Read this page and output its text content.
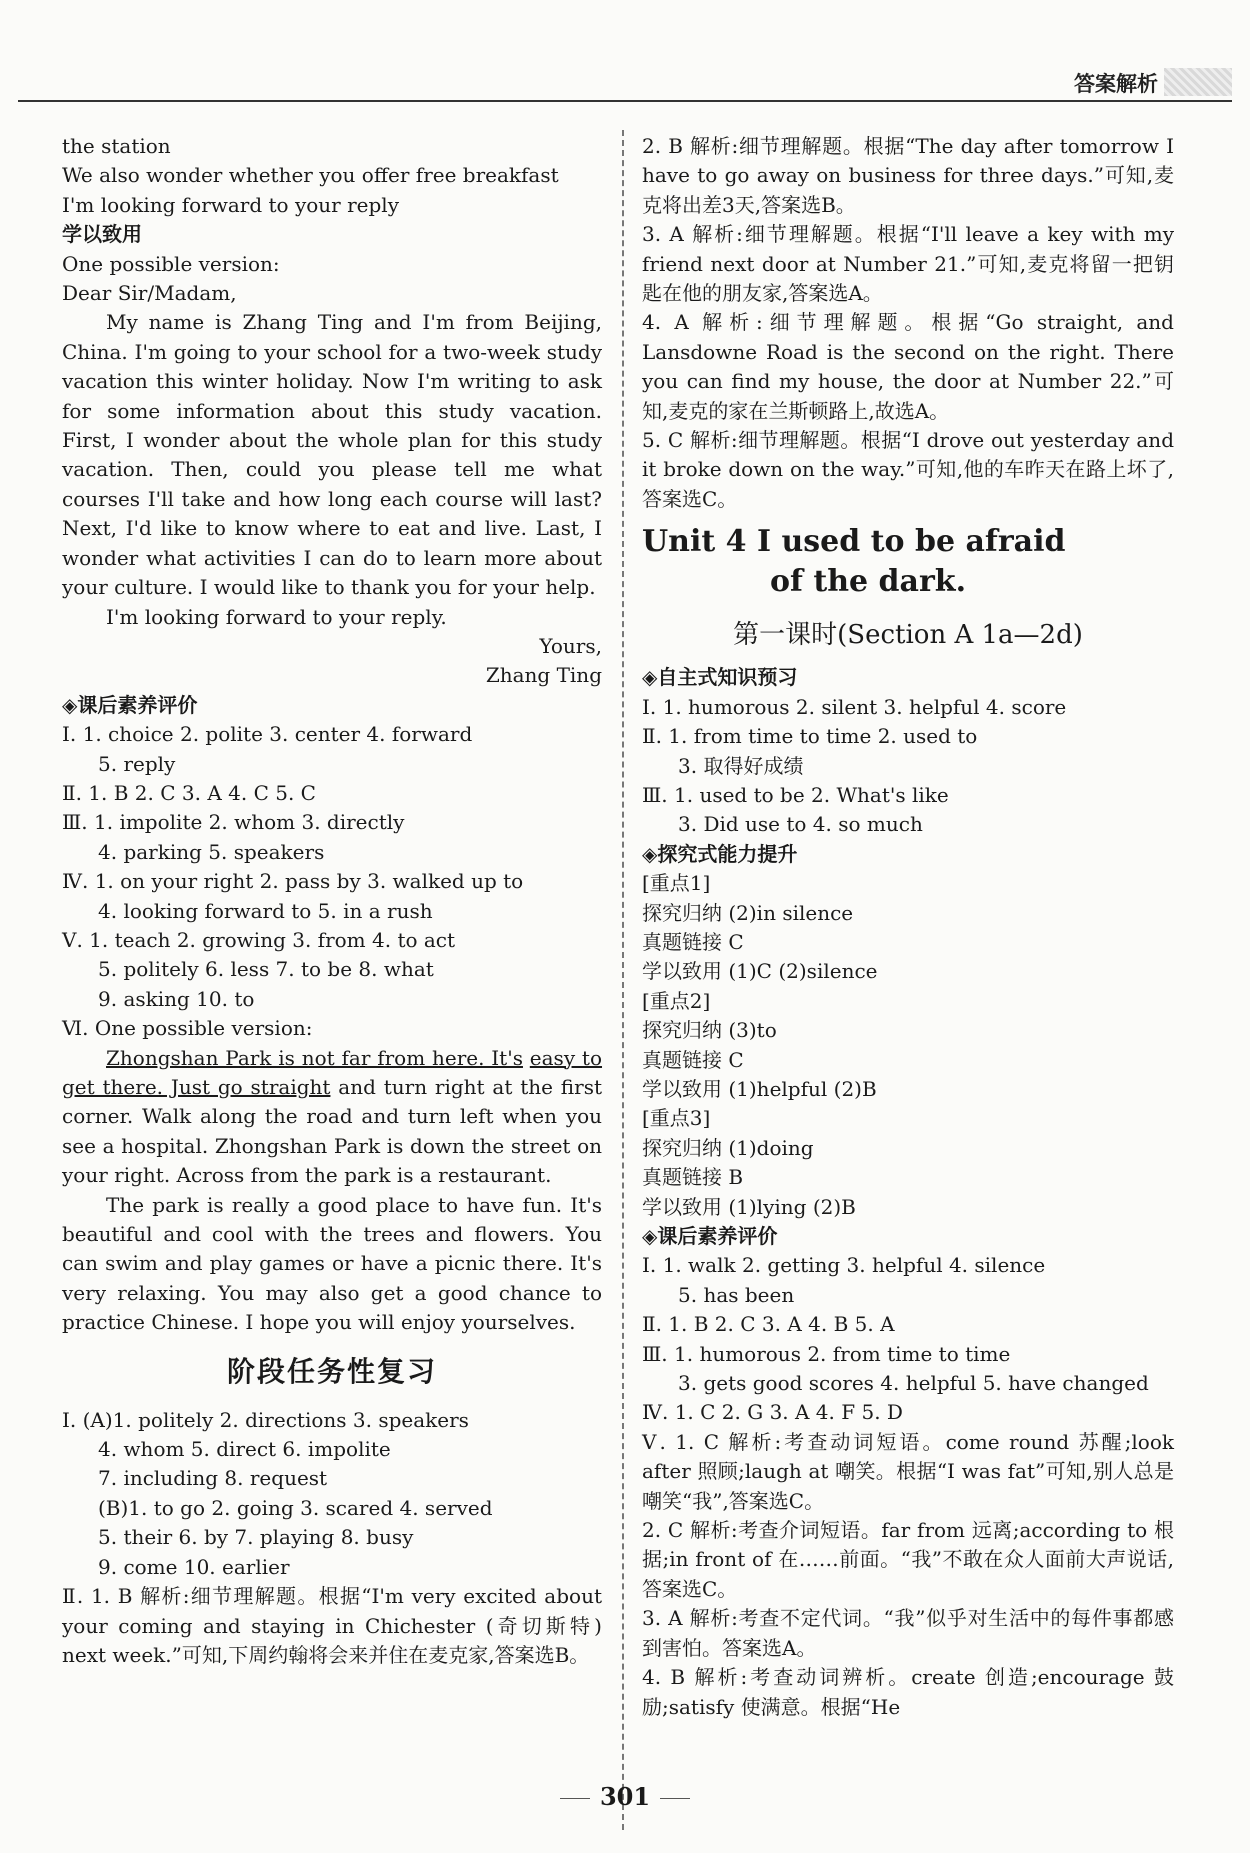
答案解析
the station
We also wonder whether you offer free breakfast
I'm looking forward to your reply
学以致用
One possible version:
Dear Sir/Madam,
My name is Zhang Ting and I'm from Beijing, China. I'm going to your school for a two-week study vacation this winter holiday. Now I'm writing to ask for some information about this study vacation. First, I wonder about the whole plan for this study vacation. Then, could you please tell me what courses I'll take and how long each course will last? Next, I'd like to know where to eat and live. Last, I wonder what activities I can do to learn more about your culture. I would like to thank you for your help.
I'm looking forward to your reply.
Yours,
Zhang Ting
◈课后素养评价
Ⅰ. 1. choice 2. polite 3. center 4. forward
5. reply
Ⅱ. 1. B 2. C 3. A 4. C 5. C
Ⅲ. 1. impolite 2. whom 3. directly
4. parking 5. speakers
Ⅳ. 1. on your right 2. pass by 3. walked up to
4. looking forward to 5. in a rush
Ⅴ. 1. teach 2. growing 3. from 4. to act
5. politely 6. less 7. to be 8. what
9. asking 10. to
Ⅵ. One possible version:
Zhongshan Park is not far from here. It's easy to get there. Just go straight and turn right at the first corner. Walk along the road and turn left when you see a hospital. Zhongshan Park is down the street on your right. Across from the park is a restaurant.
The park is really a good place to have fun. It's beautiful and cool with the trees and flowers. You can swim and play games or have a picnic there. It's very relaxing. You may also get a good chance to practice Chinese. I hope you will enjoy yourselves.
阶段任务性复习
Ⅰ. (A)1. politely 2. directions 3. speakers
4. whom 5. direct 6. impolite
7. including 8. request
(B)1. to go 2. going 3. scared 4. served
5. their 6. by 7. playing 8. busy
9. come 10. earlier
Ⅱ. 1. B 解析:细节理解题。根据“I'm very excited about your coming and staying in Chichester (奇切斯特) next week.”可知,下周约翰将会来并住在麦克家,答案选B。
2. B 解析:细节理解题。根据“The day after tomorrow I have to go away on business for three days.”可知,麦克将出差3天,答案选B。
3. A 解析:细节理解题。根据“I'll leave a key with my friend next door at Number 21.”可知,麦克将留一把钥匙在他的朋友家,答案选A。
4. A 解析:细节理解题。根据“Go straight, and Lansdowne Road is the second on the right. There you can find my house, the door at Number 22.”可知,麦克的家在兰斯顿路上,故选A。
5. C 解析:细节理解题。根据“I drove out yesterday and it broke down on the way.”可知,他的车昨天在路上坏了,答案选C。
Unit 4 I used to be afraid
of the dark.
第一课时(Section A 1a—2d)
◈自主式知识预习
Ⅰ. 1. humorous 2. silent 3. helpful 4. score
Ⅱ. 1. from time to time 2. used to
3. 取得好成绩
Ⅲ. 1. used to be 2. What's like
3. Did use to 4. so much
◈探究式能力提升
[重点1]
探究归纳 (2)in silence
真题链接 C
学以致用 (1)C (2)silence
[重点2]
探究归纳 (3)to
真题链接 C
学以致用 (1)helpful (2)B
[重点3]
探究归纳 (1)doing
真题链接 B
学以致用 (1)lying (2)B
◈课后素养评价
Ⅰ. 1. walk 2. getting 3. helpful 4. silence
5. has been
Ⅱ. 1. B 2. C 3. A 4. B 5. A
Ⅲ. 1. humorous 2. from time to time
3. gets good scores 4. helpful 5. have changed
Ⅳ. 1. C 2. G 3. A 4. F 5. D
Ⅴ. 1. C 解析:考查动词短语。come round 苏醒;look after 照顾;laugh at 嘲笑。根据“I was fat”可知,别人总是嘲笑“我”,答案选C。
2. C 解析:考查介词短语。far from 远离;according to 根据;in front of 在……前面。“我”不敢在众人面前大声说话,答案选C。
3. A 解析:考查不定代词。“我”似乎对生活中的每件事都感到害怕。答案选A。
4. B 解析:考查动词辨析。create 创造;encourage 鼓励;satisfy 使满意。根据“He
301
